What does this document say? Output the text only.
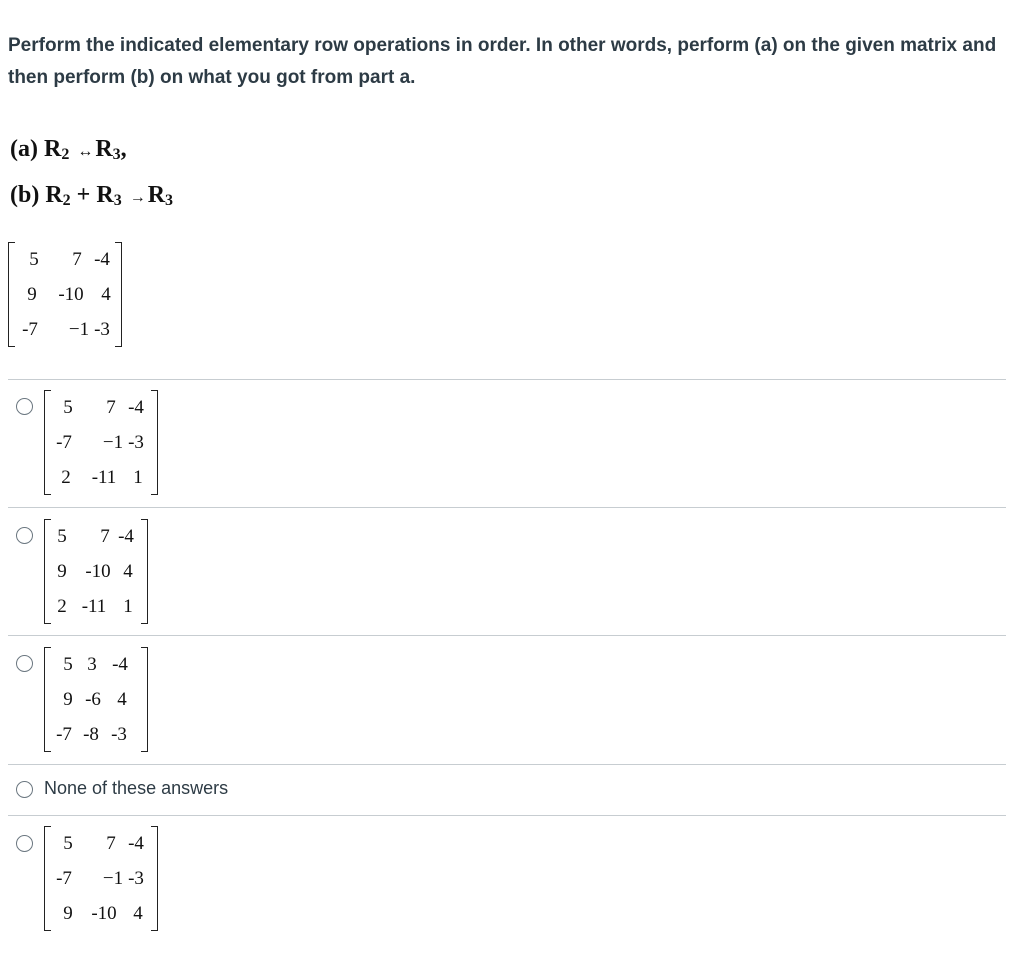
Perform the indicated elementary row operations in order. In other words, perform (a) on the given matrix and then perform (b) on what you got from part a.

(a) $R_2$ $\leftrightarrow R_3$,
(b) $R_2 + R_3 \to R_3$
5	7 -4
9 -10 4
-7 −1 -3
5	7 -4
-7 −1 -3
2	-11 1
5	7 -4
9 -10 4
2 -11 1
5 3 -4
9 -6 4
-7 -8 -3
None of these answers
5	7 -4
-7 −1 -3
9 -10 4
